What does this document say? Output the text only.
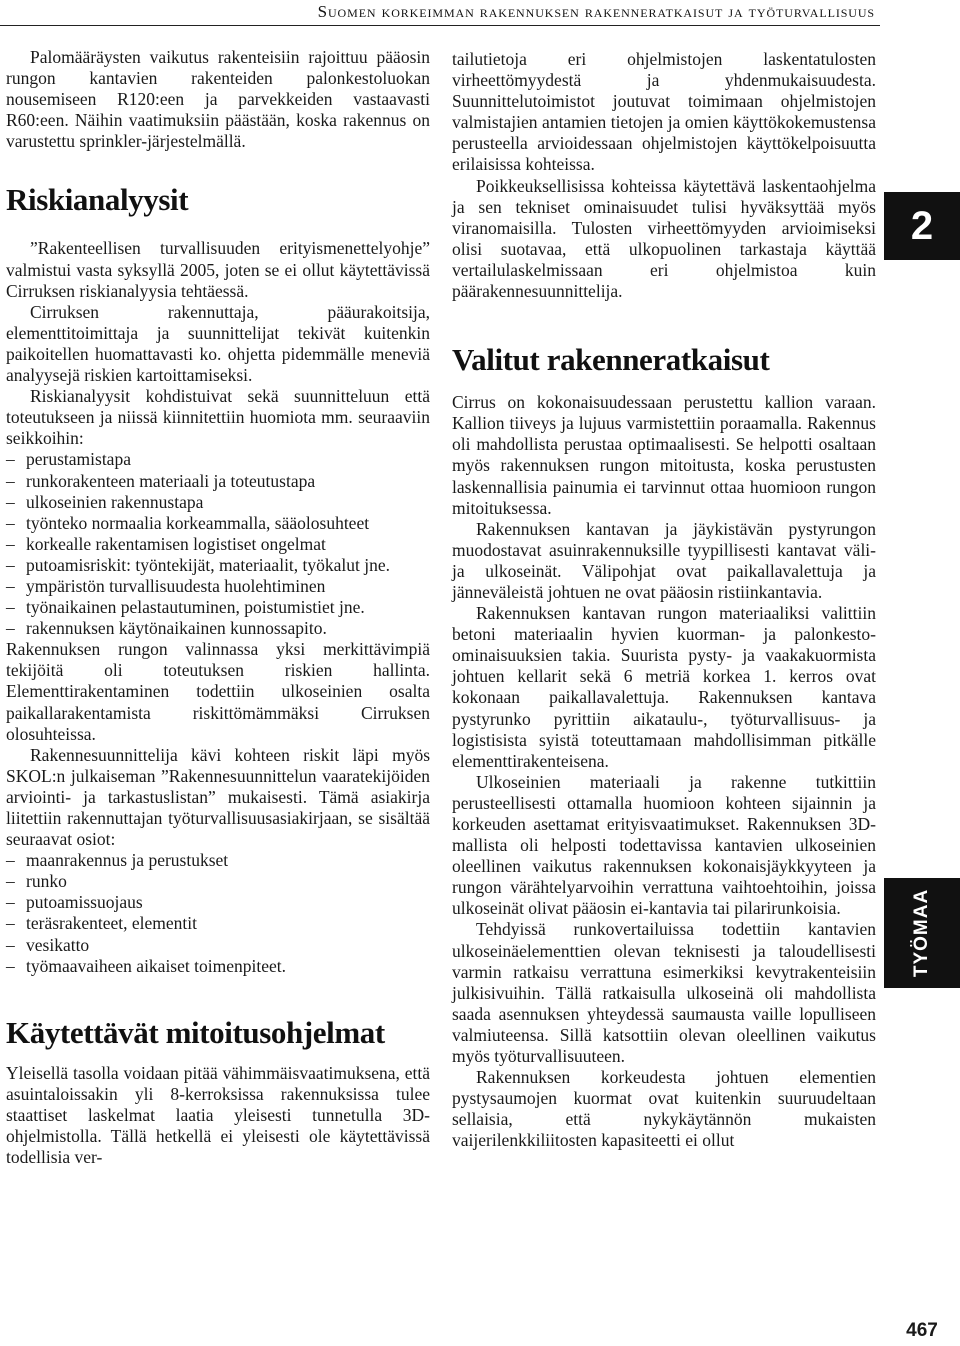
Suomen korkeimman rakennuksen rakenneratkaisut ja työturvallisuus

Palomääräysten vaikutus rakenteisiin rajoittuu pääosin rungon kantavien rakenteiden palonkestoluokan nousemiseen R120:een ja parvekkeiden vastaavasti R60:een. Näihin vaatimuksiin päästään, koska rakennus on varustettu sprinkler-järjestelmällä.

Riskianalyysit

”Rakenteellisen turvallisuuden erityismenettelyohje” valmistui vasta syksyllä 2005, joten se ei ollut käytettävissä Cirruksen riskianalyysia tehtäessä.

Cirruksen rakennuttaja, pääurakoitsija, elementtitoimittaja ja suunnittelijat tekivät kuitenkin paikoitellen huomattavasti ko. ohjetta pidemmälle meneviä analyysejä riskien kartoittamiseksi.

Riskianalyysit kohdistuivat sekä suunnitteluun että toteutukseen ja niissä kiinnitettiin huomiota mm. seuraaviin seikkoihin:

– perustamistapa
– runkorakenteen materiaali ja toteutustapa
– ulkoseinien rakennustapa
– työnteko normaalia korkeammalla, sääolosuhteet
– korkealle rakentamisen logistiset ongelmat
– putoamisriskit: työntekijät, materiaalit, työkalut jne.
– ympäristön turvallisuudesta huolehtiminen
– työnaikainen pelastautuminen, poistumistiet jne.
– rakennuksen käytönaikainen kunnossapito.

Rakennuksen rungon valinnassa yksi merkittävimpiä tekijöitä oli toteutuksen riskien hallinta. Elementtirakentaminen todettiin ulkoseinien osalta paikallarakentamista riskittömämmäksi Cirruksen olosuhteissa.

Rakennesuunnittelija kävi kohteen riskit läpi myös SKOL:n julkaiseman ”Rakennesuunnittelun vaaratekijöiden arviointi- ja tarkastuslistan” mukaisesti. Tämä asiakirja liitettiin rakennuttajan työturvallisuusasiakirjaan, se sisältää seuraavat osiot:

– maanrakennus ja perustukset
– runko
– putoamissuojaus
– teräsrakenteet, elementit
– vesikatto
– työmaavaiheen aikaiset toimenpiteet.
Käytettävät mitoitusohjelmat

Yleisellä tasolla voidaan pitää vähimmäisvaatimuksena, että asuintaloissakin yli 8-kerroksissa rakennuksissa tulee staattiset laskelmat laatia yleisesti tunnetulla 3D-ohjelmistolla. Tällä hetkellä ei yleisesti ole käytettävissä todellisia ver-

tailutietoja eri ohjelmistojen laskentatulosten virheettömyydestä ja yhdenmukaisuudesta. Suunnittelutoimistot joutuvat toimimaan ohjelmistojen valmistajien antamien tietojen ja omien käyttökokemustensa perusteella arvioidessaan ohjelmistojen käyttökelpoisuutta erilaisissa kohteissa.

Poikkeuksellisissa kohteissa käytettävä laskentaohjelma ja sen tekniset ominaisuudet tulisi hyväksyttää myös viranomaisilla. Tulosten virheettömyyden arvioimiseksi olisi suotavaa, että ulkopuolinen tarkastaja käyttää vertailulaskelmissaan eri ohjelmistoa kuin päärakennesuunnittelija.

Valitut rakenneratkaisut

Cirrus on kokonaisuudessaan perustettu kallion varaan. Kallion tiiveys ja lujuus varmistettiin poraamalla. Rakennus oli mahdollista perustaa optimaalisesti. Se helpotti osaltaan myös rakennuksen rungon mitoitusta, koska perustusten laskennallisia painumia ei tarvinnut ottaa huomioon rungon mitoituksessa.

Rakennuksen kantavan ja jäykistävän pystyrungon muodostavat asuinrakennuksille tyypillisesti kantavat väli- ja ulkoseinät. Välipohjat ovat paikallavalettuja ja jänneväleistä johtuen ne ovat pääosin ristiinkantavia.

Rakennuksen kantavan rungon materiaaliksi valittiin betoni materiaalin hyvien kuorman- ja palonkesto-ominaisuuksien takia. Suurista pysty- ja vaakakuormista johtuen kellarit sekä 6 metriä korkea 1. kerros ovat kokonaan paikallavalettuja. Rakennuksen kantava pystyrunko pyrittiin aikataulu-, työturvallisuus- ja logistisista syistä toteuttamaan mahdollisimman pitkälle elementtirakenteisena.

Ulkoseinien materiaali ja rakenne tutkittiin perusteellisesti ottamalla huomioon kohteen sijainnin ja korkeuden asettamat erityisvaatimukset. Rakennuksen 3D-mallista oli helposti todettavissa kantavien ulkoseinien oleellinen vaikutus rakennuksen kokonaisjäykkyyteen ja rungon värähtelyarvoihin verrattuna vaihtoehtoihin, joissa ulkoseinät olivat pääosin ei-kantavia tai pilarirunkoisia.

Tehdyissä runkovertailuissa todettiin kantavien ulkoseinäelementtien olevan teknisesti ja taloudellisesti varmin ratkaisu verrattuna esimerkiksi kevytrakenteisiin julkisivuihin. Tällä ratkaisulla ulkoseinä oli mahdollista saada asennuksen yhteydessä saumausta vaille lopulliseen valmiuteensa. Sillä katsottiin olevan oleellinen vaikutus myös työturvallisuuteen.

Rakennuksen korkeudesta johtuen elementien pystysaumojen kuormat ovat kuitenkin suuruudeltaan sellaisia, että nykykäytännön mukaisten vaijerilenkkiliitosten kapasiteetti ei ollut

2
TYÖMAA
467
